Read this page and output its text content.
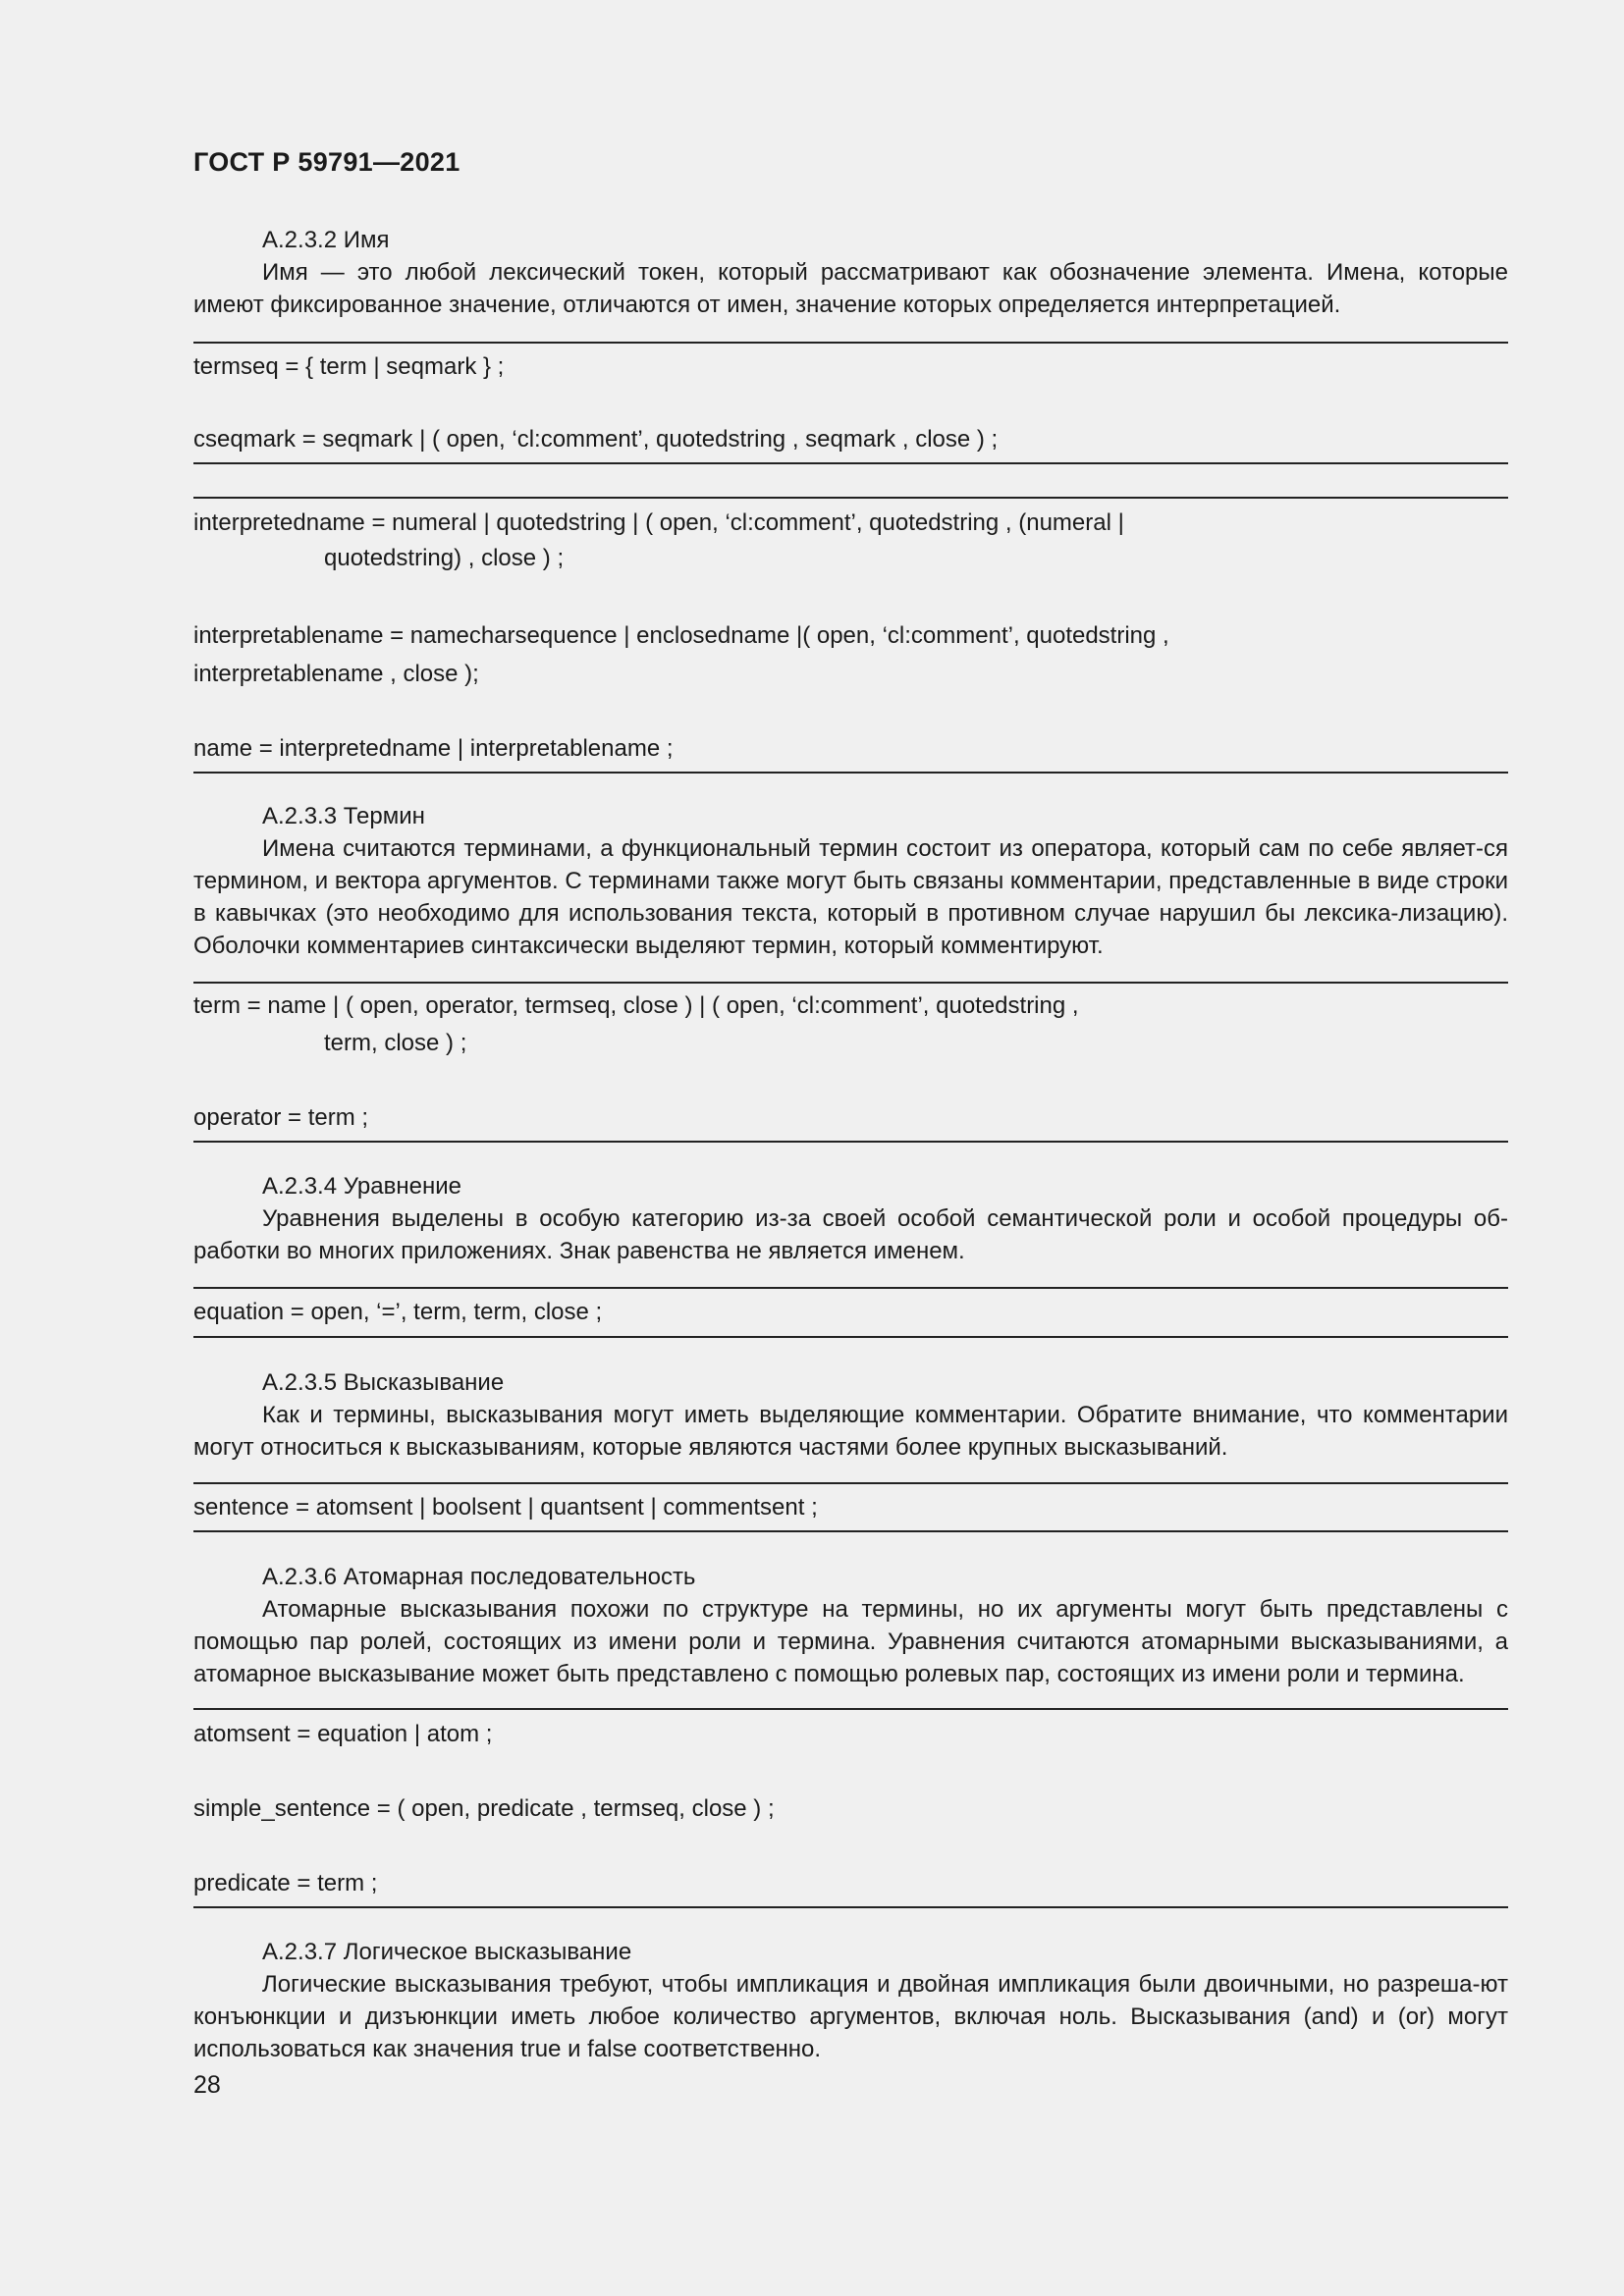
ГОСТ Р 59791—2021
А.2.3.2 Имя

Имя — это любой лексический токен, который рассматривают как обозначение элемента. Имена, которые имеют фиксированное значение, отличаются от имен, значение которых определяется интерпретацией.

termseq = { term | seqmark } ;
cseqmark = seqmark | ( open, ‘cl:comment’, quotedstring , seqmark , close ) ;
interpretedname = numeral | quotedstring | ( open, ‘cl:comment’, quotedstring , (numeral |
quotedstring) , close ) ;
interpretablename = namecharsequence | enclosedname |( open, ‘cl:comment’, quotedstring ,
interpretablename , close );
name = interpretedname | interpretablename ;
А.2.3.3 Термин

Имена считаются терминами, а функциональный термин состоит из оператора, который сам по себе являет-ся термином, и вектора аргументов. С терминами также могут быть связаны комментарии, представленные в виде строки в кавычках (это необходимо для использования текста, который в противном случае нарушил бы лексика-лизацию). Оболочки комментариев синтаксически выделяют термин, который комментируют.

term = name | ( open, operator, termseq, close ) | ( open, ‘cl:comment’, quotedstring ,
term, close ) ;
operator = term ;
А.2.3.4 Уравнение

Уравнения выделены в особую категорию из-за своей особой семантической роли и особой процедуры об-работки во многих приложениях. Знак равенства не является именем.

equation = open, ‘=’, term, term, close ;
А.2.3.5 Высказывание

Как и термины, высказывания могут иметь выделяющие комментарии. Обратите внимание, что комментарии могут относиться к высказываниям, которые являются частями более крупных высказываний.

sentence = atomsent | boolsent | quantsent | commentsent ;
А.2.3.6 Атомарная последовательность

Атомарные высказывания похожи по структуре на термины, но их аргументы могут быть представлены с помощью пар ролей, состоящих из имени роли и термина. Уравнения считаются атомарными высказываниями, а атомарное высказывание может быть представлено с помощью ролевых пар, состоящих из имени роли и термина.

atomsent = equation | atom ;
simple_sentence = ( open, predicate , termseq, close ) ;
predicate = term ;
А.2.3.7 Логическое высказывание

Логические высказывания требуют, чтобы импликация и двойная импликация были двоичными, но разреша-ют конъюнкции и дизъюнкции иметь любое количество аргументов, включая ноль. Высказывания (and) и (or) могут использоваться как значения true и false соответственно.

28
